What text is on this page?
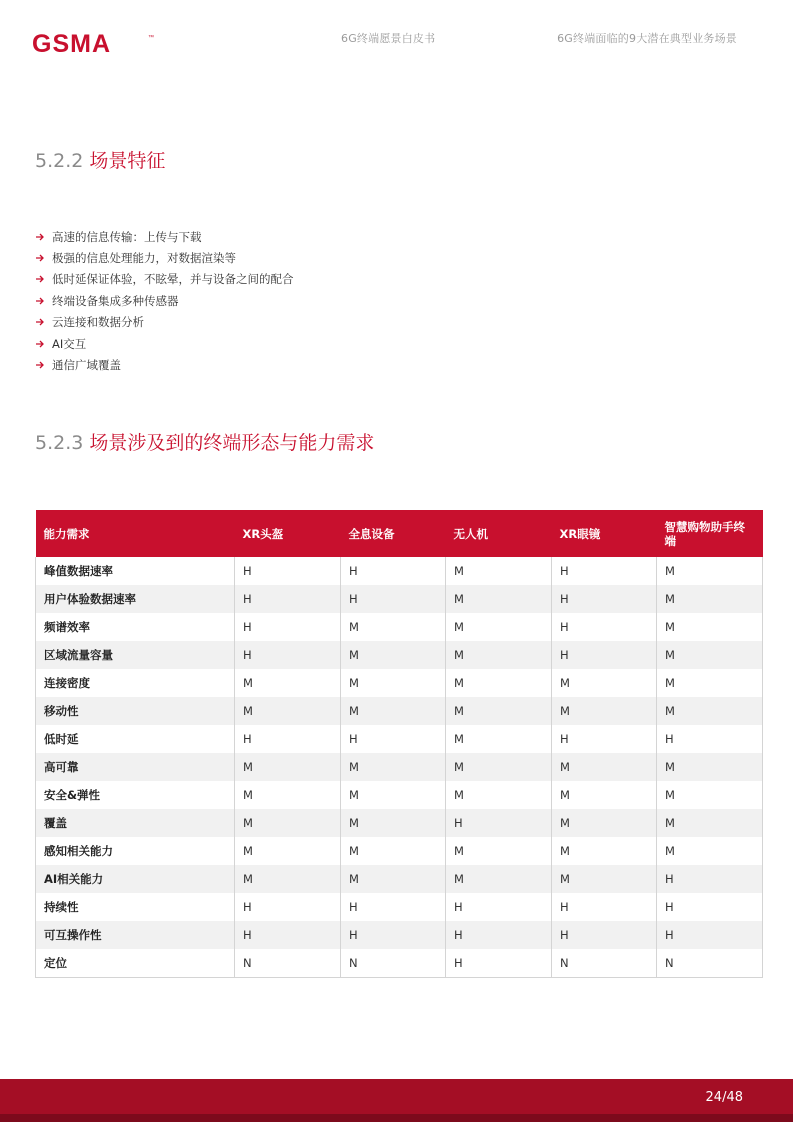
GSMA	™	6G终端愿景白皮书	6G终端面临的9大潜在典型业务场景
5.2.2 场景特征
高速的信息传输：上传与下载
极强的信息处理能力，对数据渲染等
低时延保证体验，不眩晕，并与设备之间的配合
终端设备集成多种传感器
云连接和数据分析
AI交互
通信广域覆盖
5.2.3 场景涉及到的终端形态与能力需求
能力需求	XR头盔	全息设备	无人机	XR眼镜	智慧购物助手终端
峰值数据速率	H	H	M	H	M
用户体验数据速率	H	H	M	H	M
频谱效率	H	M	M	H	M
区域流量容量	H	M	M	H	M
连接密度	M	M	M	M	M
移动性	M	M	M	M	M
低时延	H	H	M	H	H
高可靠	M	M	M	M	M
安全&弹性	M	M	M	M	M
覆盖	M	M	H	M	M
感知相关能力	M	M	M	M	M
AI相关能力	M	M	M	M	H
持续性	H	H	H	H	H
可互操作性	H	H	H	H	H
定位	N	N	H	N	N
24/48
